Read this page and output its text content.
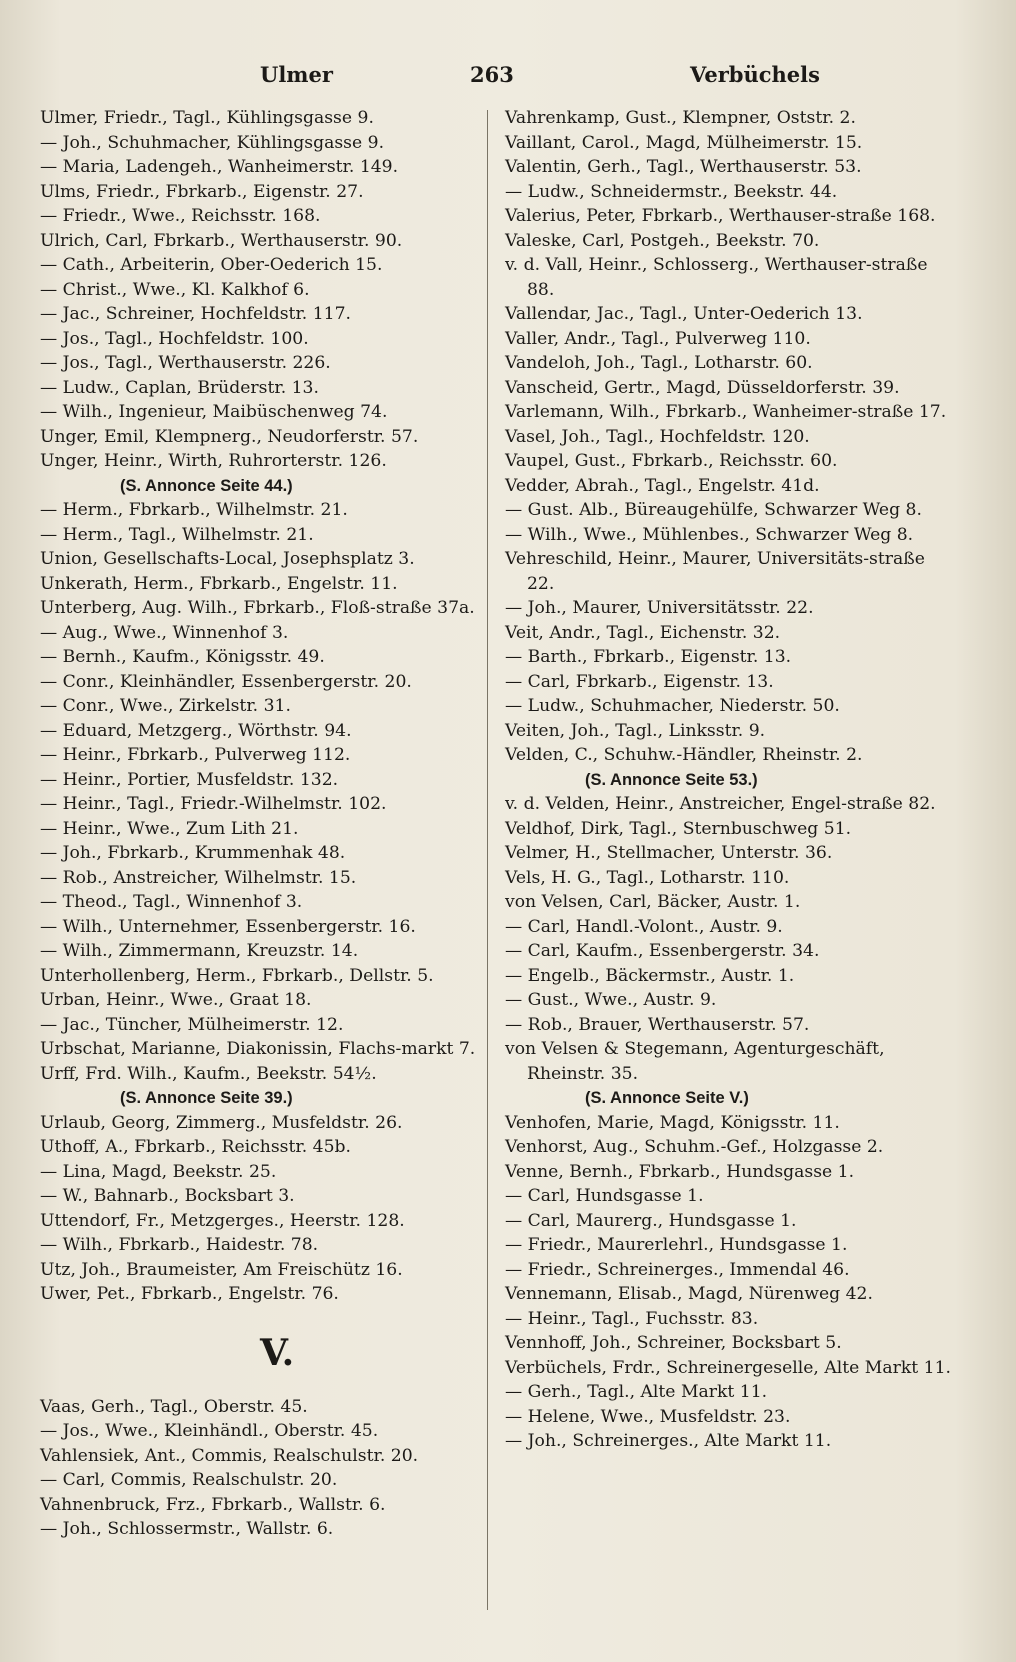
Ulmer	263	Verbüchels
Ulmer, Friedr., Tagl., Kühlingsgasse 9.
— Joh., Schuhmacher, Kühlingsgasse 9.
— Maria, Ladengeh., Wanheimerstr. 149.
Ulms, Friedr., Fbrkarb., Eigenstr. 27.
— Friedr., Wwe., Reichsstr. 168.
Ulrich, Carl, Fbrkarb., Werthauserstr. 90.
— Cath., Arbeiterin, Ober-Oederich 15.
— Christ., Wwe., Kl. Kalkhof 6.
— Jac., Schreiner, Hochfeldstr. 117.
— Jos., Tagl., Hochfeldstr. 100.
— Jos., Tagl., Werthauserstr. 226.
— Ludw., Caplan, Brüderstr. 13.
— Wilh., Ingenieur, Maibüschenweg 74.
Unger, Emil, Klempnerg., Neudorferstr. 57.
Unger, Heinr., Wirth, Ruhrorterstr. 126.
(S. Annonce Seite 44.)
— Herm., Fbrkarb., Wilhelmstr. 21.
— Herm., Tagl., Wilhelmstr. 21.
Union, Gesellschafts-Local, Josephsplatz 3.
Unkerath, Herm., Fbrkarb., Engelstr. 11.
Unterberg, Aug. Wilh., Fbrkarb., Floß-straße 37a.
— Aug., Wwe., Winnenhof 3.
— Bernh., Kaufm., Königsstr. 49.
— Conr., Kleinhändler, Essenbergerstr. 20.
— Conr., Wwe., Zirkelstr. 31.
— Eduard, Metzgerg., Wörthstr. 94.
— Heinr., Fbrkarb., Pulverweg 112.
— Heinr., Portier, Musfeldstr. 132.
— Heinr., Tagl., Friedr.-Wilhelmstr. 102.
— Heinr., Wwe., Zum Lith 21.
— Joh., Fbrkarb., Krummenhak 48.
— Rob., Anstreicher, Wilhelmstr. 15.
— Theod., Tagl., Winnenhof 3.
— Wilh., Unternehmer, Essenbergerstr. 16.
— Wilh., Zimmermann, Kreuzstr. 14.
Unterhollenberg, Herm., Fbrkarb., Dellstr. 5.
Urban, Heinr., Wwe., Graat 18.
— Jac., Tüncher, Mülheimerstr. 12.
Urbschat, Marianne, Diakonissin, Flachs-markt 7.
Urff, Frd. Wilh., Kaufm., Beekstr. 54½.
(S. Annonce Seite 39.)
Urlaub, Georg, Zimmerg., Musfeldstr. 26.
Uthoff, A., Fbrkarb., Reichsstr. 45b.
— Lina, Magd, Beekstr. 25.
— W., Bahnarb., Bocksbart 3.
Uttendorf, Fr., Metzgerges., Heerstr. 128.
— Wilh., Fbrkarb., Haidestr. 78.
Utz, Joh., Braumeister, Am Freischütz 16.
Uwer, Pet., Fbrkarb., Engelstr. 76.
V.
Vaas, Gerh., Tagl., Oberstr. 45.
— Jos., Wwe., Kleinhändl., Oberstr. 45.
Vahlensiek, Ant., Commis, Realschulstr. 20.
— Carl, Commis, Realschulstr. 20.
Vahnenbruck, Frz., Fbrkarb., Wallstr. 6.
— Joh., Schlossermstr., Wallstr. 6.
Vahrenkamp, Gust., Klempner, Oststr. 2.
Vaillant, Carol., Magd, Mülheimerstr. 15.
Valentin, Gerh., Tagl., Werthauserstr. 53.
— Ludw., Schneidermstr., Beekstr. 44.
Valerius, Peter, Fbrkarb., Werthauser-straße 168.
Valeske, Carl, Postgeh., Beekstr. 70.
v. d. Vall, Heinr., Schlosserg., Werthauser-straße 88.
Vallendar, Jac., Tagl., Unter-Oederich 13.
Valler, Andr., Tagl., Pulverweg 110.
Vandeloh, Joh., Tagl., Lotharstr. 60.
Vanscheid, Gertr., Magd, Düsseldorferstr. 39.
Varlemann, Wilh., Fbrkarb., Wanheimer-straße 17.
Vasel, Joh., Tagl., Hochfeldstr. 120.
Vaupel, Gust., Fbrkarb., Reichsstr. 60.
Vedder, Abrah., Tagl., Engelstr. 41d.
— Gust. Alb., Büreaugehülfe, Schwarzer Weg 8.
— Wilh., Wwe., Mühlenbes., Schwarzer Weg 8.
Vehreschild, Heinr., Maurer, Universitäts-straße 22.
— Joh., Maurer, Universitätsstr. 22.
Veit, Andr., Tagl., Eichenstr. 32.
— Barth., Fbrkarb., Eigenstr. 13.
— Carl, Fbrkarb., Eigenstr. 13.
— Ludw., Schuhmacher, Niederstr. 50.
Veiten, Joh., Tagl., Linksstr. 9.
Velden, C., Schuhw.-Händler, Rheinstr. 2.
(S. Annonce Seite 53.)
v. d. Velden, Heinr., Anstreicher, Engel-straße 82.
Veldhof, Dirk, Tagl., Sternbuschweg 51.
Velmer, H., Stellmacher, Unterstr. 36.
Vels, H. G., Tagl., Lotharstr. 110.
von Velsen, Carl, Bäcker, Austr. 1.
— Carl, Handl.-Volont., Austr. 9.
— Carl, Kaufm., Essenbergerstr. 34.
— Engelb., Bäckermstr., Austr. 1.
— Gust., Wwe., Austr. 9.
— Rob., Brauer, Werthauserstr. 57.
von Velsen & Stegemann, Agenturgeschäft, Rheinstr. 35.
(S. Annonce Seite V.)
Venhofen, Marie, Magd, Königsstr. 11.
Venhorst, Aug., Schuhm.-Gef., Holzgasse 2.
Venne, Bernh., Fbrkarb., Hundsgasse 1.
— Carl, Hundsgasse 1.
— Carl, Maurerg., Hundsgasse 1.
— Friedr., Maurerlehrl., Hundsgasse 1.
— Friedr., Schreinerges., Immendal 46.
Vennemann, Elisab., Magd, Nürenweg 42.
— Heinr., Tagl., Fuchsstr. 83.
Vennhoff, Joh., Schreiner, Bocksbart 5.
Verbüchels, Frdr., Schreinergeselle, Alte Markt 11.
— Gerh., Tagl., Alte Markt 11.
— Helene, Wwe., Musfeldstr. 23.
— Joh., Schreinerges., Alte Markt 11.
